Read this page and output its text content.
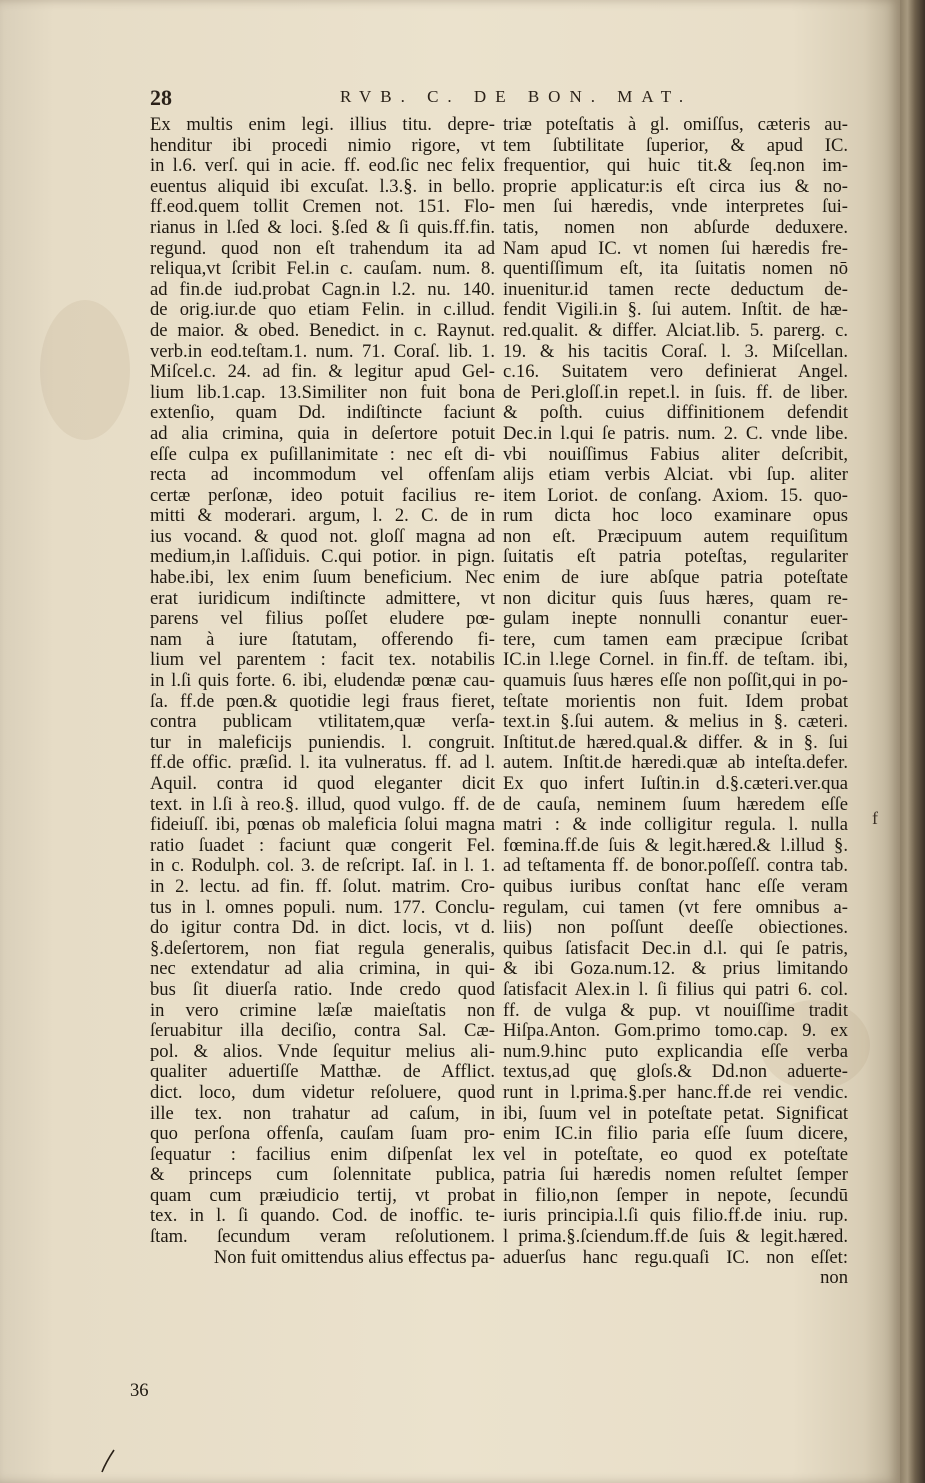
28	RVB. C. DE BON. MAT.
Ex multis enim legi. illius titu. depre-
henditur ibi procedi nimio rigore, vt
in l.6. verſ. qui in acie. ff. eod.ſic nec felix
euentus aliquid ibi excuſat. l.3.§. in bello.
ff.eod.quem tollit Cremen not. 151. Flo-
rianus in l.ſed & loci. §.ſed & ſi quis.ff.fin.
regund. quod non eſt trahendum ita ad
reliqua,vt ſcribit Fel.in c. cauſam. num. 8.
ad fin.de iud.probat Cagn.in l.2. nu. 140.
de orig.iur.de quo etiam Felin. in c.illud.
de maior. & obed. Benedict. in c. Raynut.
verb.in eod.teſtam.1. num. 71. Coraſ. lib. 1.
Miſcel.c. 24. ad fin. & legitur apud Gel-
lium lib.1.cap. 13.Similiter non fuit bona
extenſio, quam Dd. indiſtincte faciunt
ad alia crimina, quia in deſertore potuit
eſſe culpa ex puſillanimitate : nec eſt di-
recta ad incommodum vel offenſam
certæ perſonæ, ideo potuit facilius re-
mitti & moderari. argum, l. 2. C. de in
ius vocand. & quod not. gloſſ magna ad
medium,in l.aſſiduis. C.qui potior. in pign.
habe.ibi, lex enim ſuum beneficium. Nec
erat iuridicum indiſtincte admittere, vt
parens vel filius poſſet eludere pœ-
nam à iure ſtatutam, offerendo fi-
lium vel parentem : facit tex. notabilis
in l.ſi quis forte. 6. ibi, eludendæ pœnæ cau-
ſa. ff.de pœn.& quotidie legi fraus fieret,
contra publicam vtilitatem,quæ verſa-
tur in maleficijs puniendis. l. congruit.
ff.de offic. præſid. l. ita vulneratus. ff. ad l.
Aquil. contra id quod eleganter dicit
text. in l.ſi à reo.§. illud, quod vulgo. ff. de
fideiuſſ. ibi, pœnas ob maleficia ſolui magna
ratio ſuadet : faciunt quæ congerit Fel.
in c. Rodulph. col. 3. de reſcript. Iaſ. in l. 1.
in 2. lectu. ad fin. ff. ſolut. matrim. Cro-
tus in l. omnes populi. num. 177. Conclu-
do igitur contra Dd. in dict. locis, vt d.
§.deſertorem, non fiat regula generalis,
nec extendatur ad alia crimina, in qui-
bus ſit diuerſa ratio. Inde credo quod
in vero crimine læſæ maieſtatis non
ſeruabitur illa deciſio, contra Sal. Cæ-
pol. & alios. Vnde ſequitur melius ali-
qualiter aduertiſſe Matthæ. de Afflict.
dict. loco, dum videtur reſoluere, quod
ille tex. non trahatur ad caſum, in
quo perſona offenſa, cauſam ſuam pro-
ſequatur : facilius enim diſpenſat lex
& princeps cum ſolennitate publica,
quam cum præiudicio tertij, vt probat
tex. in l. ſi quando. Cod. de inoffic. te-
ſtam. ſecundum veram reſolutionem.
Non fuit omittendus alius effectus pa-
triæ poteſtatis à gl. omiſſus, cæteris au-
tem ſubtilitate ſuperior, & apud IC.
frequentior, qui huic tit.& ſeq.non im-
proprie applicatur:is eſt circa ius & no-
men ſui hæredis, vnde interpretes ſui-
tatis, nomen non abſurde deduxere.
Nam apud IC. vt nomen ſui hæredis fre-
quentiſſimum eſt, ita ſuitatis nomen nō
inuenitur.id tamen recte deductum de-
fendit Vigili.in §. ſui autem. Inſtit. de hæ-
red.qualit. & differ. Alciat.lib. 5. parerg. c.
19. & his tacitis Coraſ. l. 3. Miſcellan.
c.16. Suitatem vero definierat Angel.
de Peri.gloſſ.in repet.l. in ſuis. ff. de liber.
& poſth. cuius diffinitionem defendit
Dec.in l.qui ſe patris. num. 2. C. vnde libe.
vbi nouiſſimus Fabius aliter deſcribit,
alijs etiam verbis Alciat. vbi ſup. aliter
item Loriot. de conſang. Axiom. 15. quo-
rum dicta hoc loco examinare opus
non eſt. Præcipuum autem requiſitum
ſuitatis eſt patria poteſtas, regulariter
enim de iure abſque patria poteſtate
non dicitur quis ſuus hæres, quam re-
gulam inepte nonnulli conantur euer-
tere, cum tamen eam præcipue ſcribat
IC.in l.lege Cornel. in fin.ff. de teſtam. ibi,
quamuis ſuus hæres eſſe non poſſit,qui in po-
teſtate morientis non fuit. Idem probat
text.in §.ſui autem. & melius in §. cæteri.
Inſtitut.de hæred.qual.& differ. & in §. ſui
autem. Inſtit.de hæredi.quæ ab inteſta.defer.
Ex quo infert Iuſtin.in d.§.cæteri.ver.qua
de cauſa, neminem ſuum hæredem eſſe
matri : & inde colligitur regula. l. nulla
fœmina.ff.de ſuis & legit.hæred.& l.illud §.
ad teſtamenta ff. de bonor.poſſeſſ. contra tab.
quibus iuribus conſtat hanc eſſe veram
regulam, cui tamen (vt fere omnibus a-
liis) non poſſunt deeſſe obiectiones.
quibus ſatisfacit Dec.in d.l. qui ſe patris,
& ibi Goza.num.12. & prius limitando
ſatisfacit Alex.in l. ſi filius qui patri 6. col.
ff. de vulga & pup. vt nouiſſime tradit
Hiſpa.Anton. Gom.primo tomo.cap. 9. ex
num.9.hinc puto explicandia eſſe verba
textus,ad quę gloſs.& Dd.non aduerte-
runt in l.prima.§.per hanc.ff.de rei vendic.
ibi, ſuum vel in poteſtate petat. Significat
enim IC.in filio paria eſſe ſuum dicere,
vel in poteſtate, eo quod ex poteſtate
patria ſui hæredis nomen reſultet ſemper
in filio,non ſemper in nepote, ſecundū
iuris principia.l.ſi quis filio.ff.de iniu. rup.
l prima.§.ſciendum.ff.de ſuis & legit.hæred.
aduerſus hanc regu.quaſi IC. non eſſet:
non
36
f
